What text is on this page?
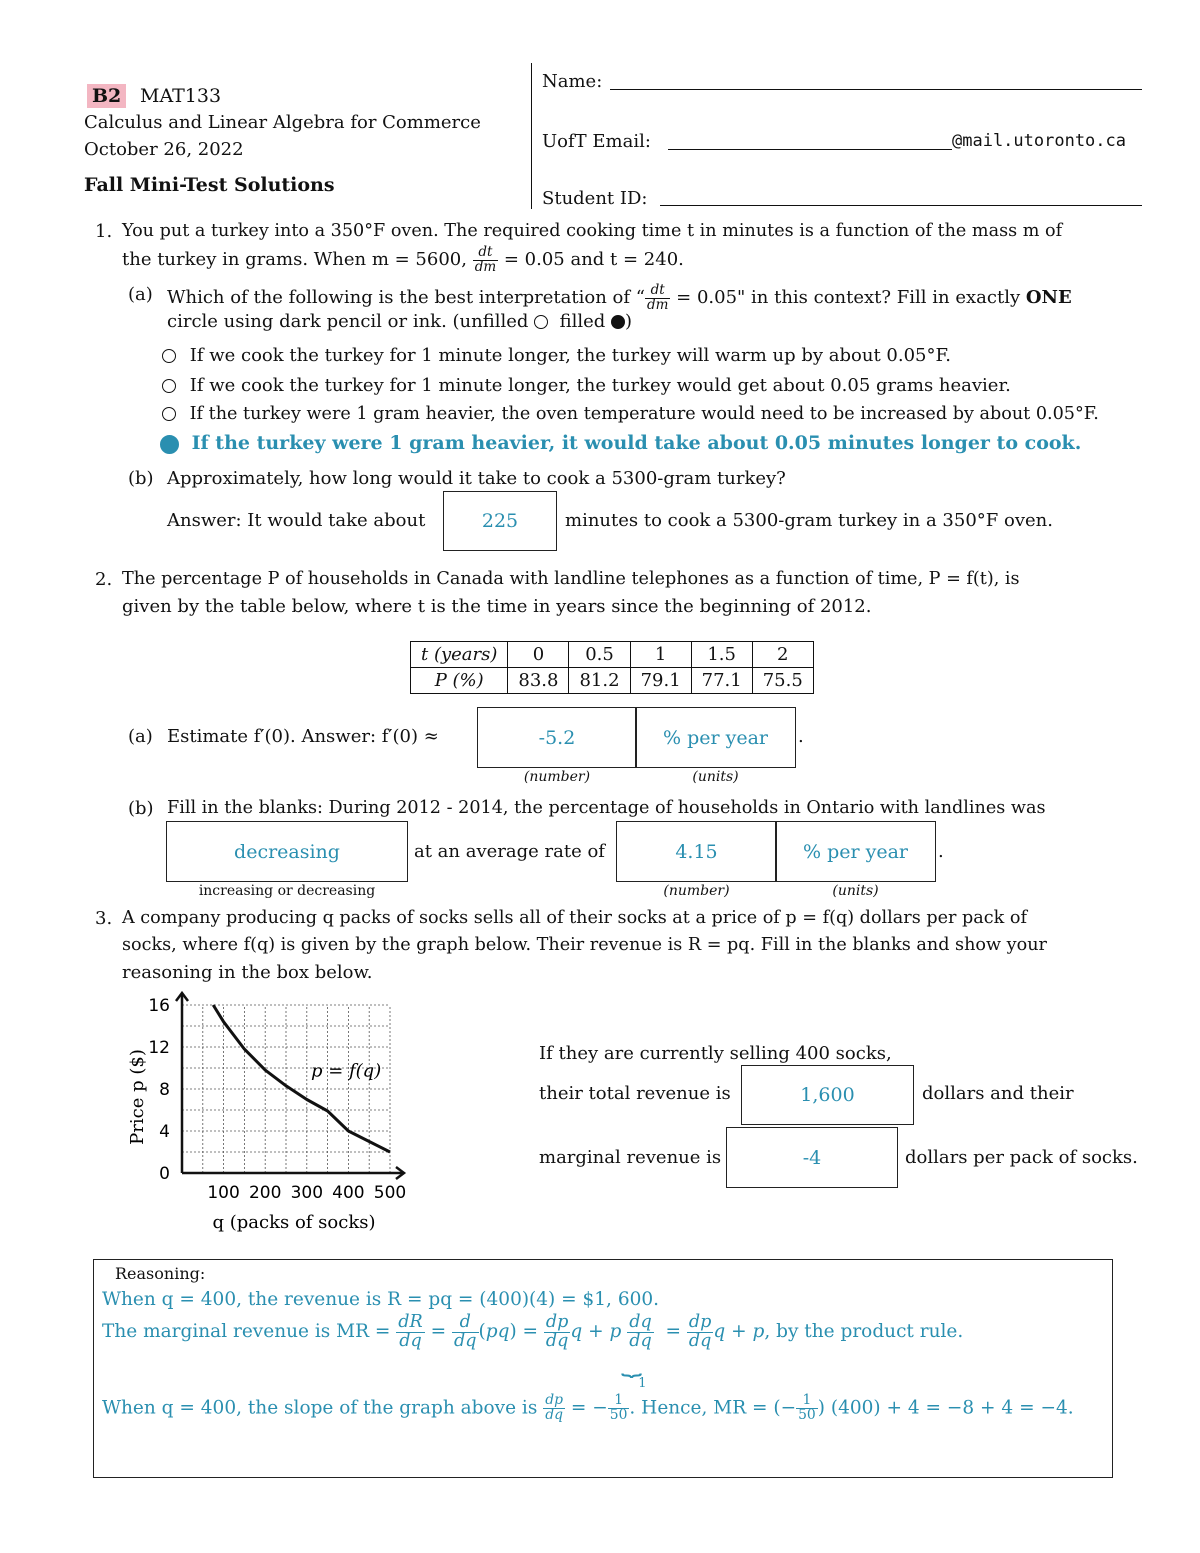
B2 MAT133
Calculus and Linear Algebra for Commerce
October 26, 2022
Fall Mini-Test Solutions
Name:
UofT Email:	@mail.utoronto.ca
Student ID:
1. You put a turkey into a 350°F oven. The required cooking time t in minutes is a function of the mass m of
the turkey in grams. When m = 5600, $\frac{dt}{dm} = 0.05$ and t = 240.
(a) Which of the following is the best interpretation of “ $\frac{dt}{dm} = 0.05$" in this context? Fill in exactly ONE
circle using dark pencil or ink. (unfilled filled )
If we cook the turkey for 1 minute longer, the turkey will warm up by about 0.05°F.
If we cook the turkey for 1 minute longer, the turkey would get about 0.05 grams heavier.
If the turkey were 1 gram heavier, the oven temperature would need to be increased by about 0.05°F.
If the turkey were 1 gram heavier, it would take about 0.05 minutes longer to cook.
(b) Approximately, how long would it take to cook a 5300-gram turkey?
Answer: It would take about	225	minutes to cook a 5300-gram turkey in a 350°F oven.
2. The percentage P of households in Canada with landline telephones as a function of time, P = f(t), is
given by the table below, where t is the time in years since the beginning of 2012.
t (years)	0	0.5	1	1.5	2
P (%)	83.8	81.2	79.1	77.1	75.5
(a) Estimate f′(0). Answer: f′(0) ≈	-5.2	% per year	.
(number)	(units)
(b) Fill in the blanks: During 2012 - 2014, the percentage of households in Ontario with landlines was
decreasing	at an average rate of	4.15	% per year	.
increasing or decreasing	(number)	(units)
3. A company producing q packs of socks sells all of their socks at a price of p = f(q) dollars per pack of
socks, where f(q) is given by the graph below. Their revenue is R = pq. Fill in the blanks and show your
reasoning in the box below.
100 200 300 400 500
0
4
8
12
16
q (packs of socks)
Price p ($)	p = f(q)
If they are currently selling 400 socks,
their total revenue is	1,600	dollars and their
marginal revenue is	-4	dollars per pack of socks.
Reasoning:
When q = 400, the revenue is R = pq = (400)(4) = $1, 600.
The marginal revenue is MR = $\frac{dR}{dq} = \frac{d}{dq} (pq) = \frac{dp}{dq}$ q + p $\frac{dq}{dq}$
⏟
1
= $\frac{dp}{dq}$ q + p, by the product rule.
When q = 400, the slope of the graph above is $\frac{dp}{dq}$ = − $\frac{1}{50}$ . Hence, MR = (− $\frac{1}{50}$ ) (400) + 4 = −8 + 4 = −4.
